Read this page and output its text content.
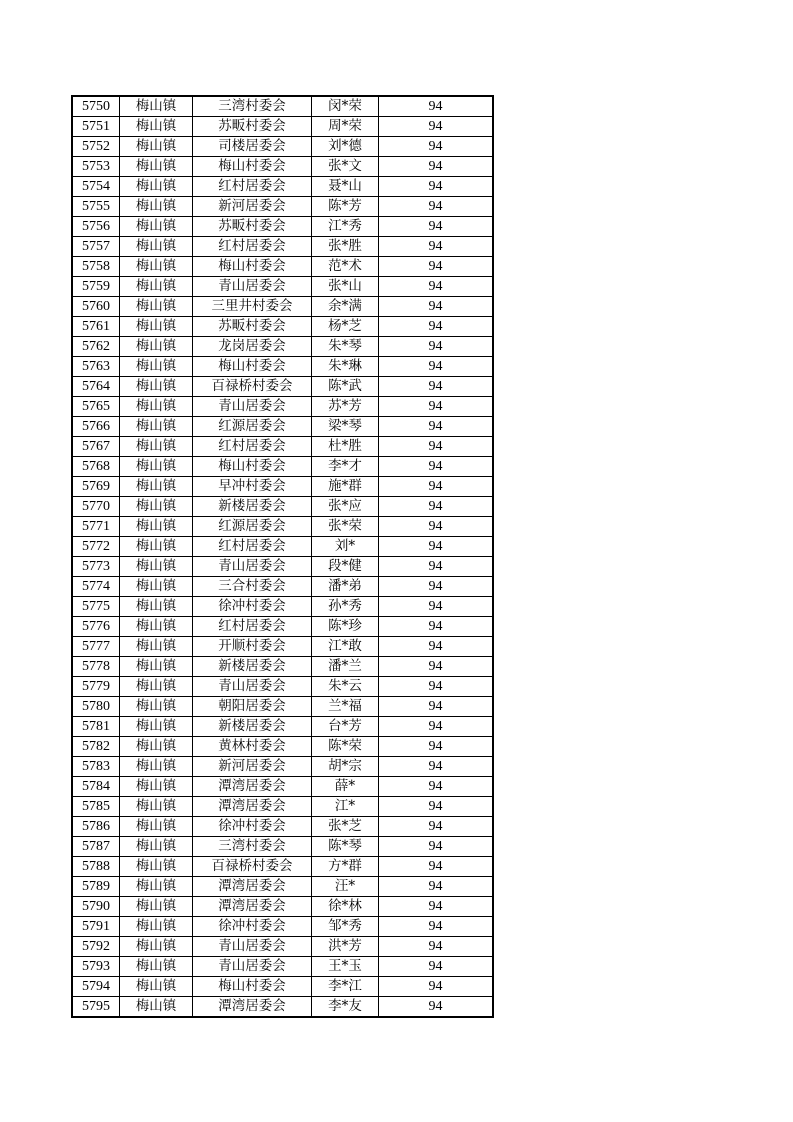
5750	梅山镇	三湾村委会	闵*荣	94
5751	梅山镇	苏畈村委会	周*荣	94
5752	梅山镇	司楼居委会	刘*德	94
5753	梅山镇	梅山村委会	张*文	94
5754	梅山镇	红村居委会	聂*山	94
5755	梅山镇	新河居委会	陈*芳	94
5756	梅山镇	苏畈村委会	江*秀	94
5757	梅山镇	红村居委会	张*胜	94
5758	梅山镇	梅山村委会	范*术	94
5759	梅山镇	青山居委会	张*山	94
5760	梅山镇	三里井村委会	余*满	94
5761	梅山镇	苏畈村委会	杨*芝	94
5762	梅山镇	龙岗居委会	朱*琴	94
5763	梅山镇	梅山村委会	朱*琳	94
5764	梅山镇	百禄桥村委会	陈*武	94
5765	梅山镇	青山居委会	苏*芳	94
5766	梅山镇	红源居委会	梁*琴	94
5767	梅山镇	红村居委会	杜*胜	94
5768	梅山镇	梅山村委会	李*才	94
5769	梅山镇	早冲村委会	施*群	94
5770	梅山镇	新楼居委会	张*应	94
5771	梅山镇	红源居委会	张*荣	94
5772	梅山镇	红村居委会	刘*	94
5773	梅山镇	青山居委会	段*健	94
5774	梅山镇	三合村委会	潘*弟	94
5775	梅山镇	徐冲村委会	孙*秀	94
5776	梅山镇	红村居委会	陈*珍	94
5777	梅山镇	开顺村委会	江*敢	94
5778	梅山镇	新楼居委会	潘*兰	94
5779	梅山镇	青山居委会	朱*云	94
5780	梅山镇	朝阳居委会	兰*福	94
5781	梅山镇	新楼居委会	台*芳	94
5782	梅山镇	黄林村委会	陈*荣	94
5783	梅山镇	新河居委会	胡*宗	94
5784	梅山镇	潭湾居委会	薛*	94
5785	梅山镇	潭湾居委会	江*	94
5786	梅山镇	徐冲村委会	张*芝	94
5787	梅山镇	三湾村委会	陈*琴	94
5788	梅山镇	百禄桥村委会	方*群	94
5789	梅山镇	潭湾居委会	汪*	94
5790	梅山镇	潭湾居委会	徐*林	94
5791	梅山镇	徐冲村委会	邹*秀	94
5792	梅山镇	青山居委会	洪*芳	94
5793	梅山镇	青山居委会	王*玉	94
5794	梅山镇	梅山村委会	李*江	94
5795	梅山镇	潭湾居委会	李*友	94
